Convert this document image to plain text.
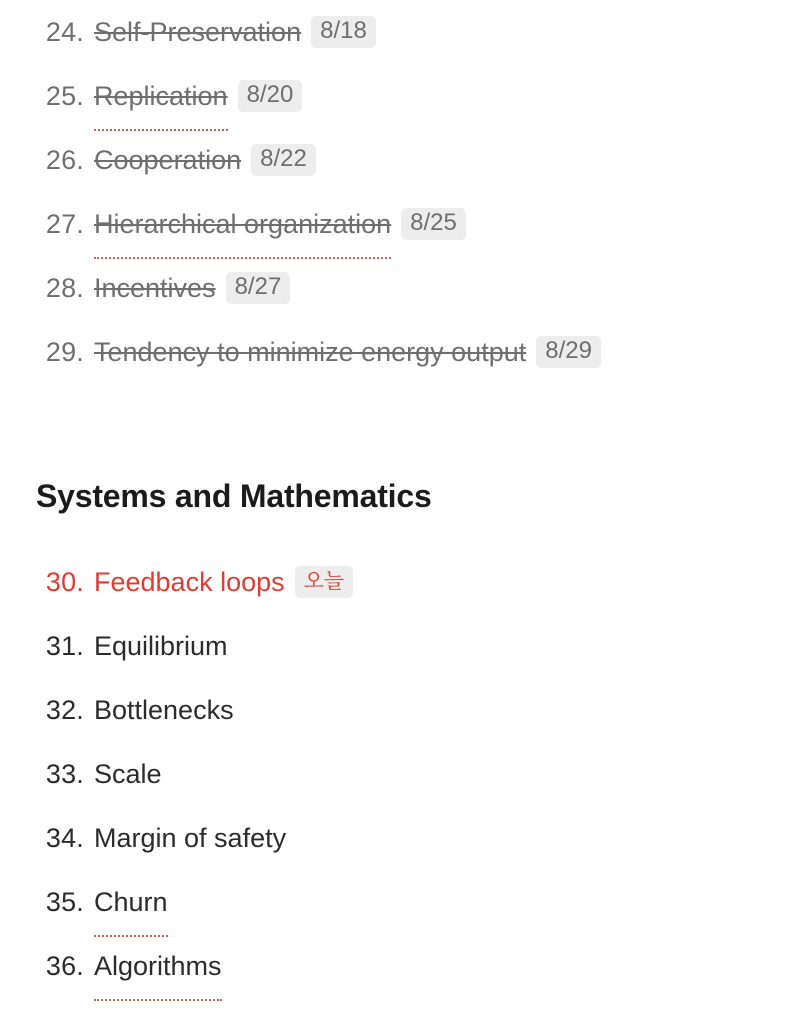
24. Self-Preservation 8/18
25. Replication 8/20
26. Cooperation 8/22
27. Hierarchical organization 8/25
28. Incentives 8/27
29. Tendency to minimize energy output 8/29
Systems and Mathematics
30. Feedback loops 오늘
31. Equilibrium
32. Bottlenecks
33. Scale
34. Margin of safety
35. Churn
36. Algorithms
